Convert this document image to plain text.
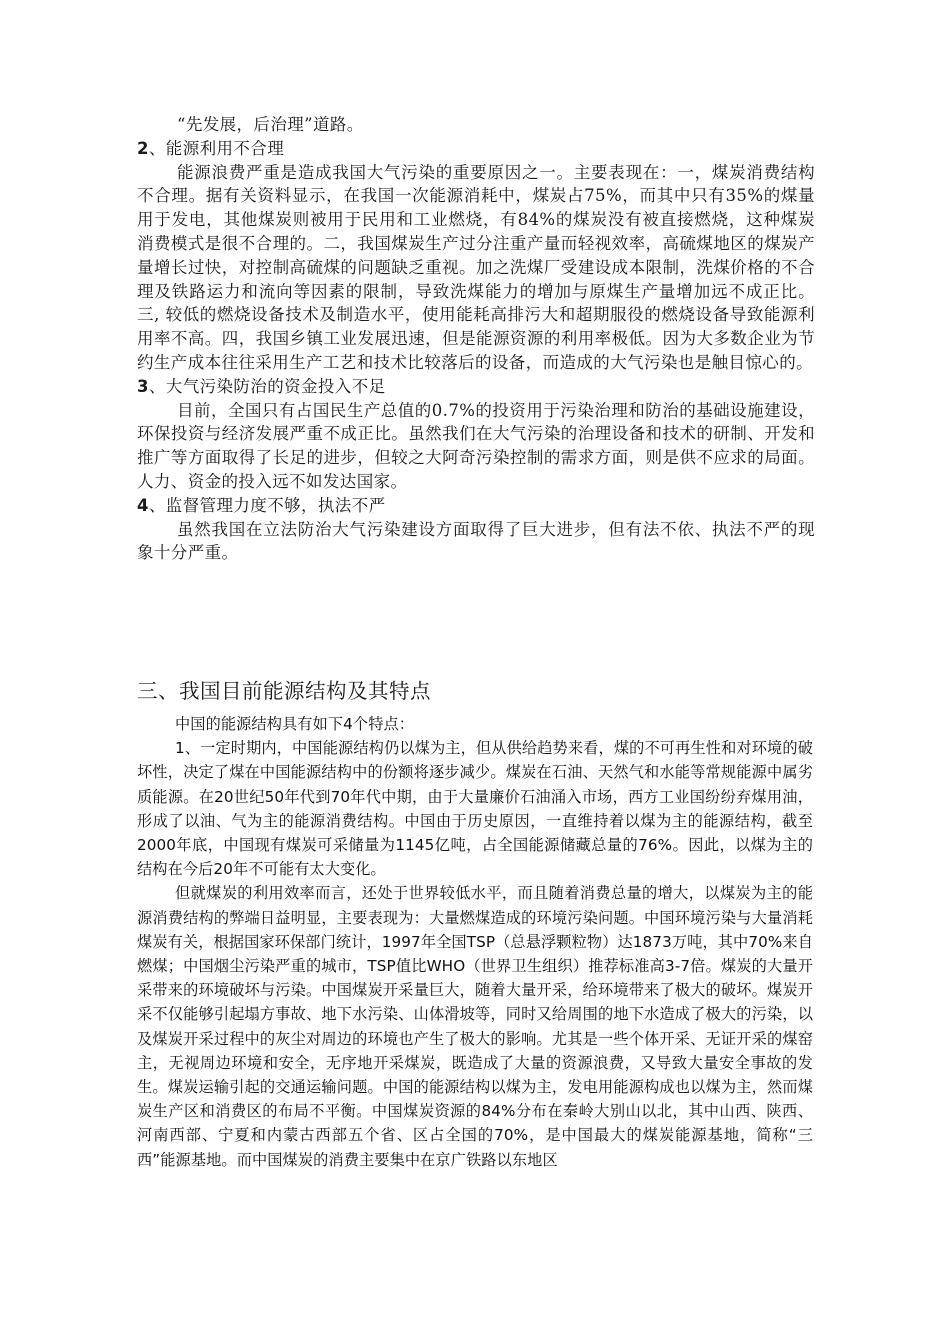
“先发展，后治理”道路。

2、能源利用不合理

能源浪费严重是造成我国大气污染的重要原因之一。主要表现在：一，煤炭消费结构不合理。据有关资料显示，在我国一次能源消耗中，煤炭占75%，而其中只有35%的煤量用于发电，其他煤炭则被用于民用和工业燃烧，有84%的煤炭没有被直接燃烧，这种煤炭消费模式是很不合理的。二，我国煤炭生产过分注重产量而轻视效率，高硫煤地区的煤炭产量增长过快，对控制高硫煤的问题缺乏重视。加之洗煤厂受建设成本限制，洗煤价格的不合理及铁路运力和流向等因素的限制，导致洗煤能力的增加与原煤生产量增加远不成正比。三, 较低的燃烧设备技术及制造水平，使用能耗高排污大和超期服役的燃烧设备导致能源利用率不高。四，我国乡镇工业发展迅速，但是能源资源的利用率极低。因为大多数企业为节约生产成本往往采用生产工艺和技术比较落后的设备，而造成的大气污染也是触目惊心的。

3、大气污染防治的资金投入不足

目前，全国只有占国民生产总值的0.7%的投资用于污染治理和防治的基础设施建设，环保投资与经济发展严重不成正比。虽然我们在大气污染的治理设备和技术的研制、开发和推广等方面取得了长足的进步，但较之大阿奇污染控制的需求方面，则是供不应求的局面。人力、资金的投入远不如发达国家。

4、监督管理力度不够，执法不严

虽然我国在立法防治大气污染建设方面取得了巨大进步，但有法不依、执法不严的现象十分严重。

三、我国目前能源结构及其特点

中国的能源结构具有如下4个特点：

1、一定时期内，中国能源结构仍以煤为主，但从供给趋势来看，煤的不可再生性和对环境的破坏性，决定了煤在中国能源结构中的份额将逐步减少。煤炭在石油、天然气和水能等常规能源中属劣质能源。在20世纪50年代到70年代中期，由于大量廉价石油涌入市场，西方工业国纷纷弃煤用油，形成了以油、气为主的能源消费结构。中国由于历史原因，一直维持着以煤为主的能源结构，截至2000年底，中国现有煤炭可采储量为1145亿吨，占全国能源储藏总量的76%。因此，以煤为主的结构在今后20年不可能有太大变化。

但就煤炭的利用效率而言，还处于世界较低水平，而且随着消费总量的增大，以煤炭为主的能源消费结构的弊端日益明显，主要表现为：大量燃煤造成的环境污染问题。中国环境污染与大量消耗煤炭有关，根据国家环保部门统计，1997年全国TSP（总悬浮颗粒物）达1873万吨，其中70%来自燃煤；中国烟尘污染严重的城市，TSP值比WHO（世界卫生组织）推荐标准高3-7倍。煤炭的大量开采带来的环境破坏与污染。中国煤炭开采量巨大，随着大量开采，给环境带来了极大的破坏。煤炭开采不仅能够引起塌方事故、地下水污染、山体滑坡等，同时又给周围的地下水造成了极大的污染，以及煤炭开采过程中的灰尘对周边的环境也产生了极大的影响。尤其是一些个体开采、无证开采的煤窑主，无视周边环境和安全，无序地开采煤炭，既造成了大量的资源浪费，又导致大量安全事故的发生。煤炭运输引起的交通运输问题。中国的能源结构以煤为主，发电用能源构成也以煤为主，然而煤炭生产区和消费区的布局不平衡。中国煤炭资源的84%分布在秦岭大别山以北，其中山西、陕西、河南西部、宁夏和内蒙古西部五个省、区占全国的70%，是中国最大的煤炭能源基地，简称“三西”能源基地。而中国煤炭的消费主要集中在京广铁路以东地区
